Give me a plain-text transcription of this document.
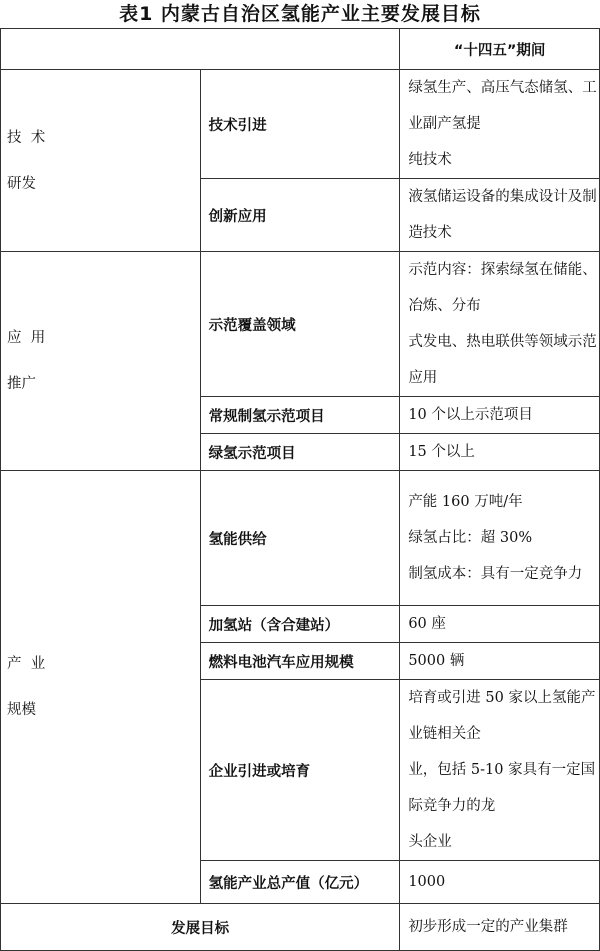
表1 内蒙古自治区氢能产业主要发展目标
		“十四五”期间

技  术
研发	技术引进	绿氢生产、高压气态储氢、工业副产氢提
纯技术

	创新应用	液氢储运设备的集成设计及制造技术

应  用
推广	示范覆盖领域	示范内容：探索绿氢在储能、冶炼、分布
式发电、热电联供等领域示范应用

	常规制氢示范项目	10 个以上示范项目

	绿氢示范项目	15 个以上

产  业
规模	氢能供给	产能 160 万吨/年
绿氢占比：超 30%
制氢成本：具有一定竞争力

	加氢站（含合建站）	60 座

	燃料电池汽车应用规模	5000 辆

	企业引进或培育	培育或引进 50 家以上氢能产业链相关企
业，包括 5-10 家具有一定国际竞争力的龙
头企业

	氢能产业总产值（亿元）	1000

发展目标		初步形成一定的产业集群
